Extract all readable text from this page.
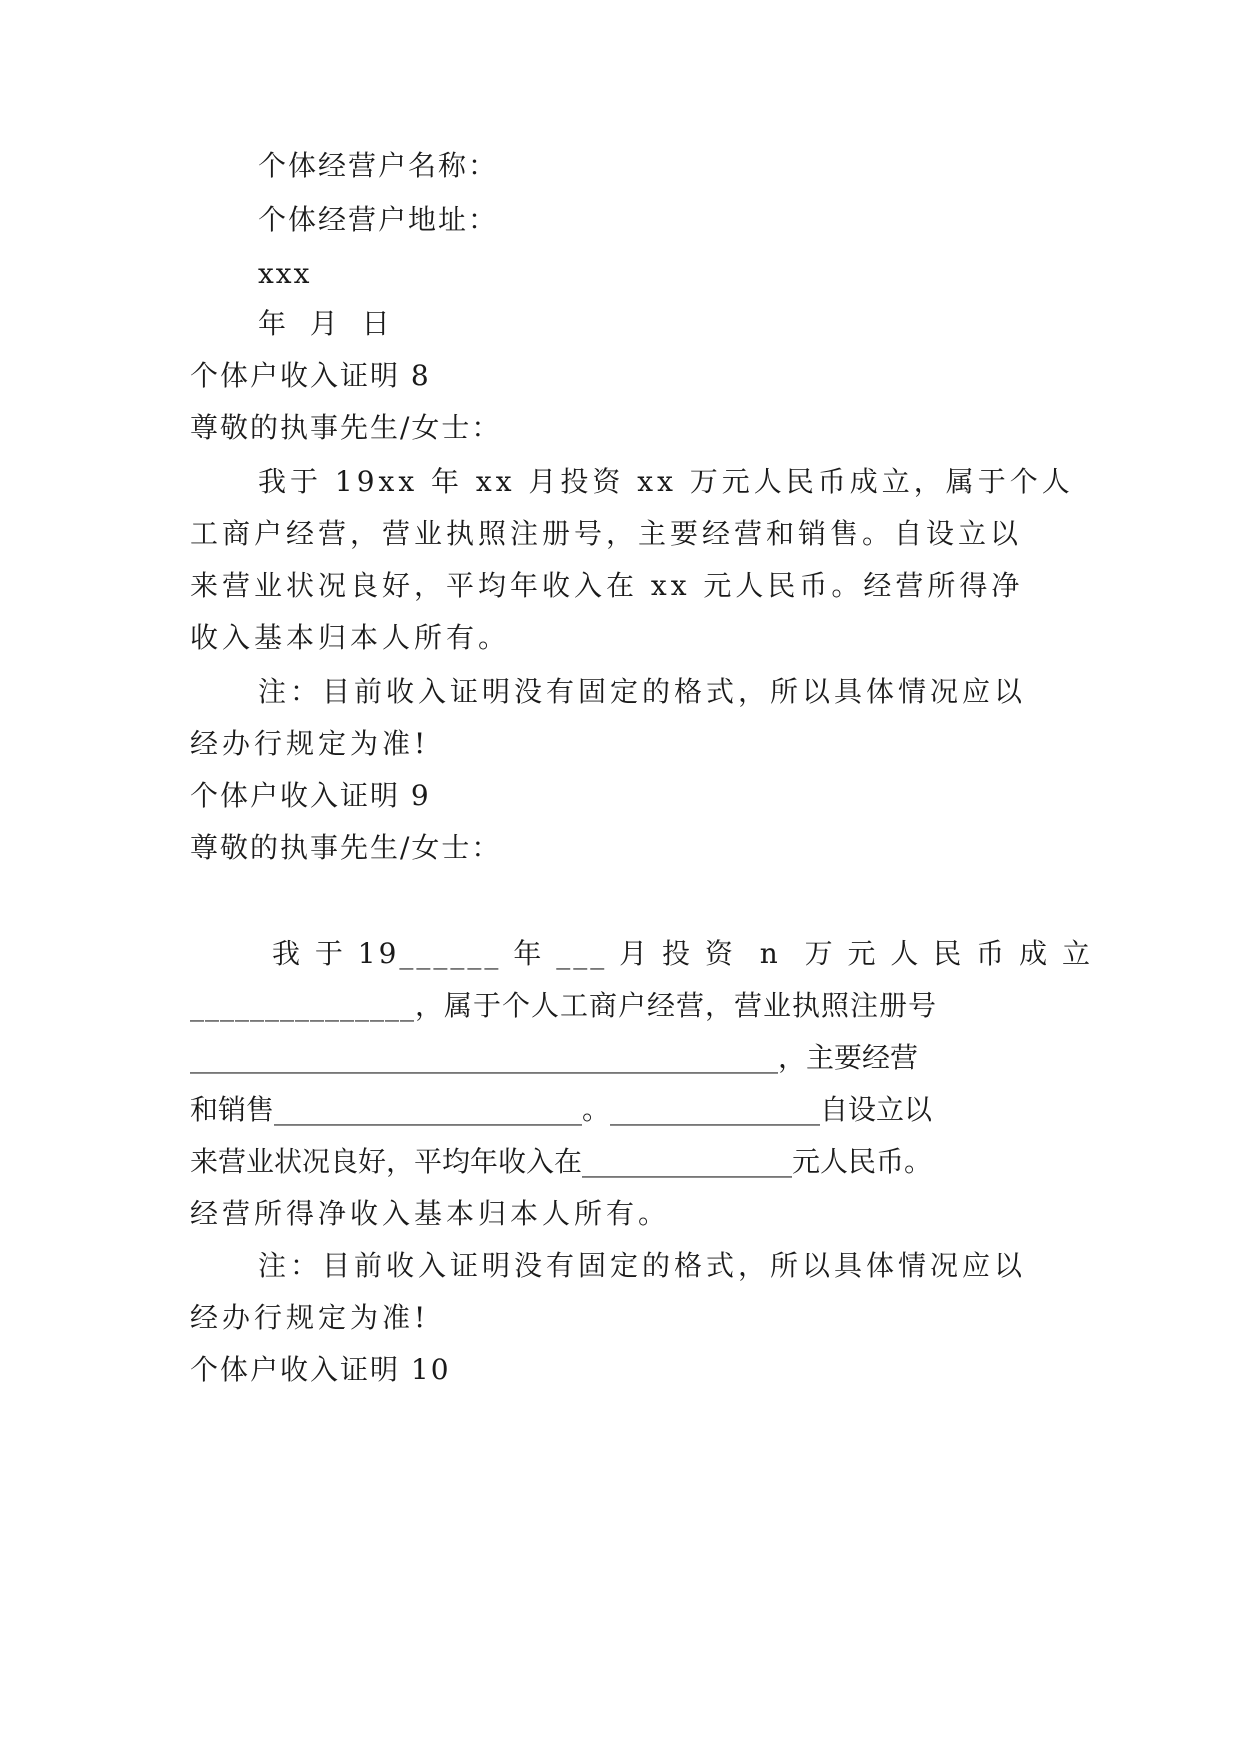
个体经营户名称：
个体经营户地址：
xxx
年  月  日
个体户收入证明 8
尊敬的执事先生/女士：
我于 19xx 年 xx 月投资 xx 万元人民币成立，属于个人
工商户经营，营业执照注册号，主要经营和销售。自设立以
来营业状况良好，平均年收入在 xx 元人民币。经营所得净
收入基本归本人所有。
注：目前收入证明没有固定的格式，所以具体情况应以
经办行规定为准!
个体户收入证明 9
尊敬的执事先生/女士：
我 于 19______ 年 ___ 月 投 资  n  万 元 人 民 币 成 立
_______________，属于个人工商户经营，营业执照注册号
__________________________________________，主要经营
和销售______________________。_______________自设立以
来营业状况良好，平均年收入在_______________元人民币。
经营所得净收入基本归本人所有。
注：目前收入证明没有固定的格式，所以具体情况应以
经办行规定为准!
个体户收入证明 10
